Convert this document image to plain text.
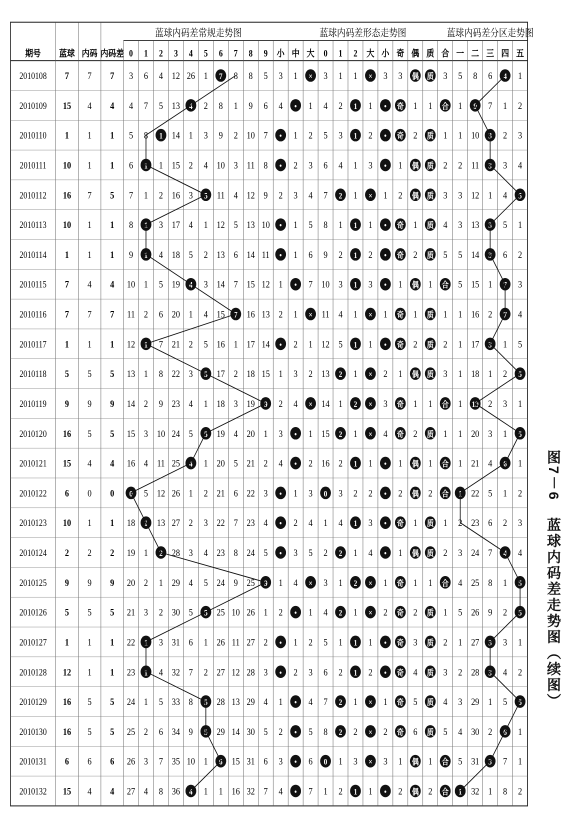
蓝球内码差常规走势图	蓝球内码差形态走势图	蓝球内码差分区走势图
期号 蓝球 内码 内码差 0 1 2 3 4 5 6 7 8 9 小 中 大 0 1 2 大 小 奇 偶 质 合 一 二 三 四 五
2010108 7 7 7 3 6 4 12 26 1 7 8 8 5 3 1 × 3 1 1 × 3 3 偶 质 3 5 8 6 4 1
2010109 15 4 4 4 7 5 13 4 2 8 1 9 6 4 • 1 4 2 1 1 • 奇 1 1 合 1 9 7 1 2
2010110 1 1 1 5 8 1 14 1 3 9 2 10 7 • 1 2 5 3 1 2 • 奇 2 质 1 1 10 3 2 3
2010111 10 1 1 6 1 1 15 2 4 10 3 11 8 • 2 3 6 4 1 3 • 1 偶 质 2 2 11 3 3 4
2010112 16 7 5 7 1 2 16 3 5 11 4 12 9 2 3 4 7 2 1 × 1 2 偶 质 3 3 12 1 4 5
2010113 10 1 1 8 1 3 17 4 1 12 5 13 10 • 1 5 8 1 1 1 • 奇 1 质 4 3 13 3 5 1
2010114 1 1 1 9 1 4 18 5 2 13 6 14 11 • 1 6 9 2 1 2 • 奇 2 质 5 5 14 3 6 2
2010115 7 4 4 10 1 5 19 4 3 14 7 15 12 1 • 7 10 3 1 3 • 1 偶 1 合 5 15 1 7 3
2010116 7 7 7 11 2 6 20 1 4 15 7 16 13 2 1 × 11 4 1 × 1 奇 1 质 1 1 16 2 7 4
2010117 1 1 1 12 1 7 21 2 5 16 1 17 14 • 2 1 12 5 1 1 • 奇 2 质 2 1 17 3 1 5
2010118 5 5 5 13 1 8 22 3 5 17 2 18 15 1 3 2 13 2 1 × 2 1 偶 质 3 1 18 1 2 5
2010119 9 9 9 14 2 9 23 4 1 18 3 19 9 2 4 × 14 1 2 × 3 奇 1 1 合 1 19 2 3 1
2010120 16 5 5 15 3 10 24 5 5 19 4 20 1 3 • 1 15 2 1 × 4 奇 2 质 1 1 20 3 1 5
2010121 15 4 4 16 4 11 25 4 1 20 5 21 2 4 • 2 16 2 1 1 • 1 偶 1 合 1 21 4 6 1
2010122 6 0 0 0 5 12 26 1 2 21 6 22 3 • 1 3 0 3 2 2 • 2 偶 2 合 1 22 5 1 2
2010123 10 1 1 18 1 13 27 2 3 22 7 23 4 • 2 4 1 4 1 3 • 奇 1 质 1 2 23 6 2 3
2010124 2 2 2 19 1 2 28 3 4 23 8 24 5 • 3 5 2 2 1 4 • 1 偶 质 2 3 24 7 4 4
2010125 9 9 9 20 2 1 29 4 5 24 9 25 9 1 4 × 3 1 2 × 1 奇 1 1 合 4 25 8 1 5
2010126 5 5 5 21 3 2 30 5 5 25 10 26 1 2 • 1 4 2 1 × 2 奇 2 质 1 5 26 9 2 5
2010127 1 1 1 22 1 3 31 6 1 26 11 27 2 • 1 2 5 1 1 1 • 奇 3 质 2 1 27 3 3 1
2010128 12 1 1 23 1 4 32 7 2 27 12 28 3 • 2 3 6 2 1 2 • 奇 4 质 3 2 28 3 4 2
2010129 16 5 5 24 1 5 33 8 5 28 13 29 4 1 • 4 7 2 1 × 1 奇 5 质 4 3 29 1 5 5
2010130 16 5 5 25 2 6 34 9 5 29 14 30 5 2 • 5 8 2 2 × 2 奇 6 质 5 4 30 2 6 1
2010131 6 6 6 26 3 7 35 10 1 6 15 31 6 3 • 6 0 1 3 × 3 1 偶 1 合 5 31 3 7 1
2010132 15 4 4 27 4 8 36 4 1 1 16 32 7 4 • 7 1 2 1 1 • 2 偶 2 合 1 32 1 8 2
图7－6　蓝球内码差走势图（续图）
